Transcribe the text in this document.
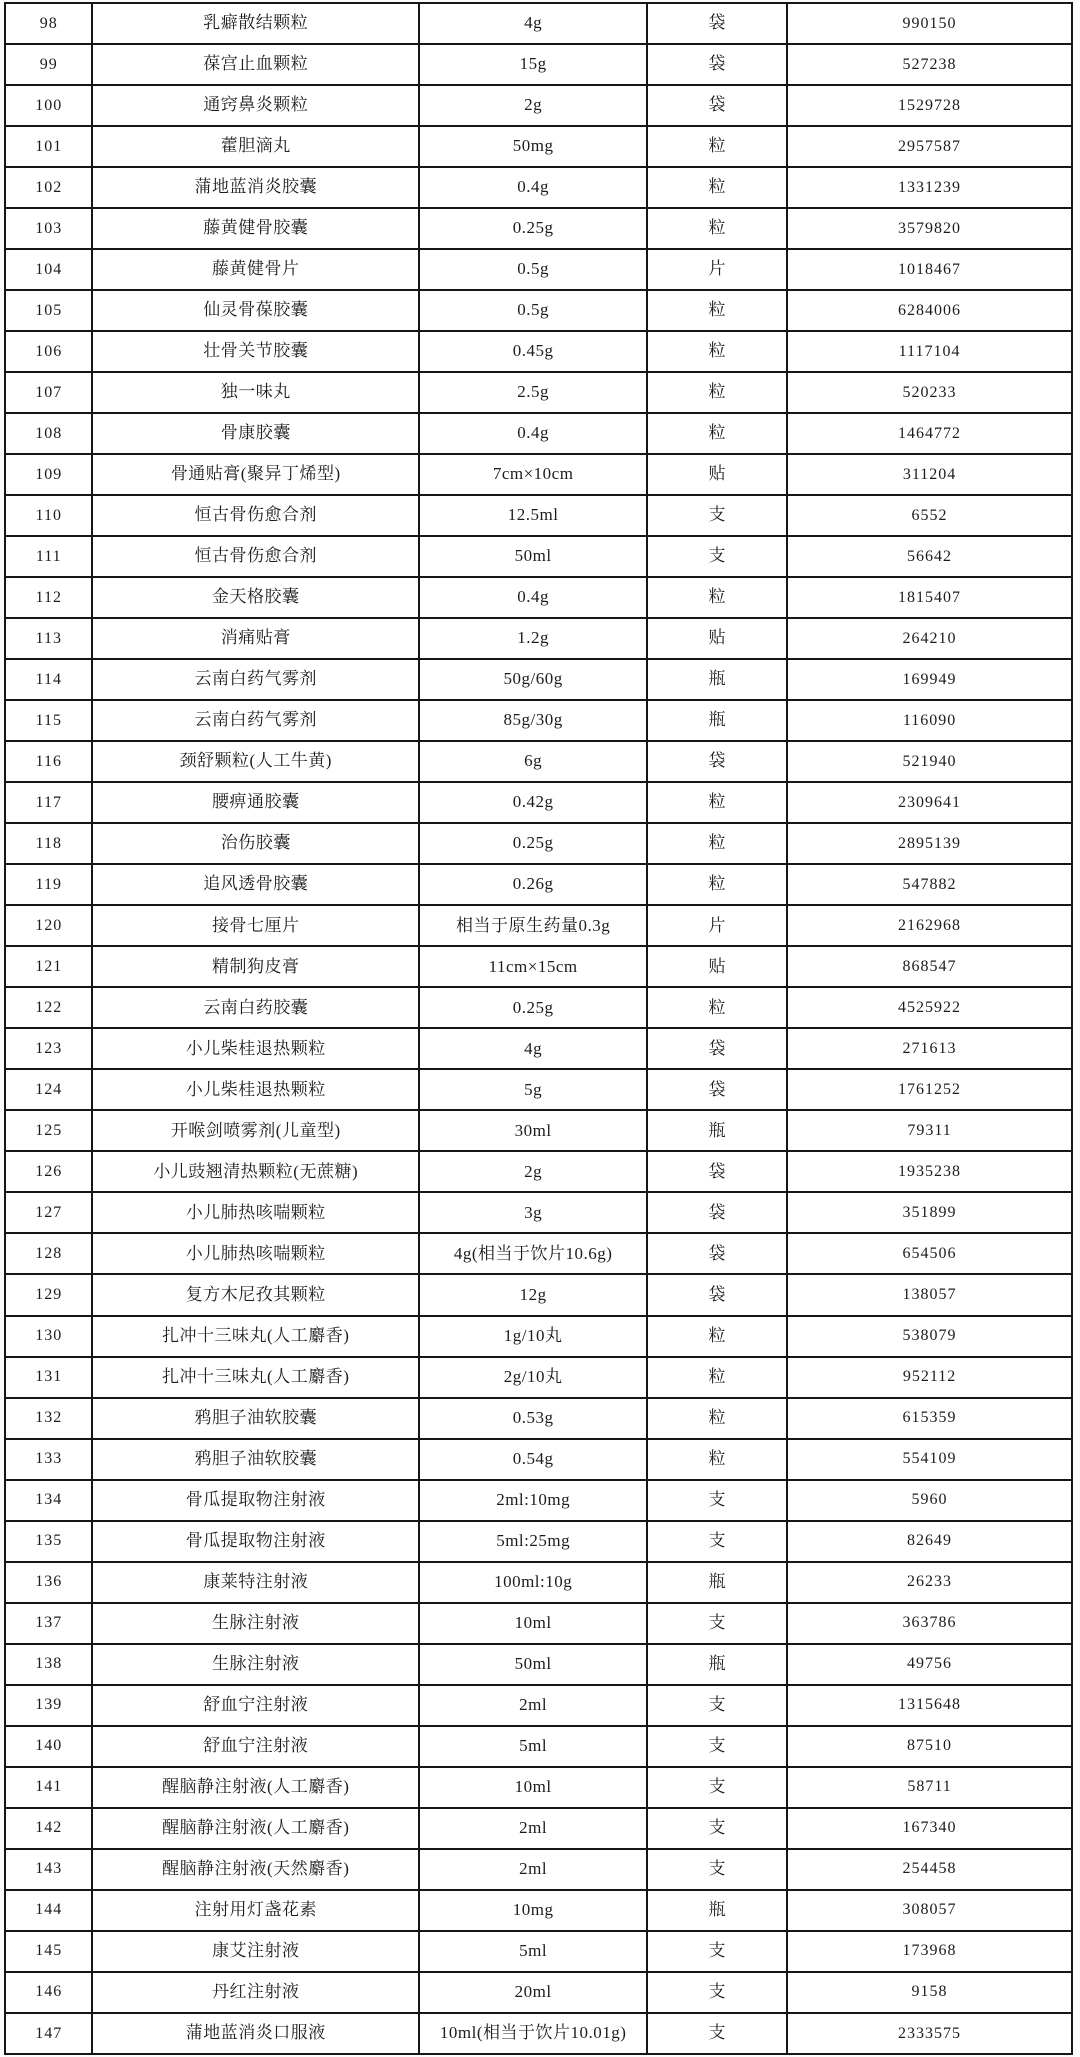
98	乳癖散结颗粒	4g	袋	990150
99	葆宫止血颗粒	15g	袋	527238
100	通窍鼻炎颗粒	2g	袋	1529728
101	藿胆滴丸	50mg	粒	2957587
102	蒲地蓝消炎胶囊	0.4g	粒	1331239
103	藤黄健骨胶囊	0.25g	粒	3579820
104	藤黄健骨片	0.5g	片	1018467
105	仙灵骨葆胶囊	0.5g	粒	6284006
106	壮骨关节胶囊	0.45g	粒	1117104
107	独一味丸	2.5g	粒	520233
108	骨康胶囊	0.4g	粒	1464772
109	骨通贴膏(聚异丁烯型)	7cm×10cm	贴	311204
110	恒古骨伤愈合剂	12.5ml	支	6552
111	恒古骨伤愈合剂	50ml	支	56642
112	金天格胶囊	0.4g	粒	1815407
113	消痛贴膏	1.2g	贴	264210
114	云南白药气雾剂	50g/60g	瓶	169949
115	云南白药气雾剂	85g/30g	瓶	116090
116	颈舒颗粒(人工牛黄)	6g	袋	521940
117	腰痹通胶囊	0.42g	粒	2309641
118	治伤胶囊	0.25g	粒	2895139
119	追风透骨胶囊	0.26g	粒	547882
120	接骨七厘片	相当于原生药量0.3g	片	2162968
121	精制狗皮膏	11cm×15cm	贴	868547
122	云南白药胶囊	0.25g	粒	4525922
123	小儿柴桂退热颗粒	4g	袋	271613
124	小儿柴桂退热颗粒	5g	袋	1761252
125	开喉剑喷雾剂(儿童型)	30ml	瓶	79311
126	小儿豉翘清热颗粒(无蔗糖)	2g	袋	1935238
127	小儿肺热咳喘颗粒	3g	袋	351899
128	小儿肺热咳喘颗粒	4g(相当于饮片10.6g)	袋	654506
129	复方木尼孜其颗粒	12g	袋	138057
130	扎冲十三味丸(人工麝香)	1g/10丸	粒	538079
131	扎冲十三味丸(人工麝香)	2g/10丸	粒	952112
132	鸦胆子油软胶囊	0.53g	粒	615359
133	鸦胆子油软胶囊	0.54g	粒	554109
134	骨瓜提取物注射液	2ml:10mg	支	5960
135	骨瓜提取物注射液	5ml:25mg	支	82649
136	康莱特注射液	100ml:10g	瓶	26233
137	生脉注射液	10ml	支	363786
138	生脉注射液	50ml	瓶	49756
139	舒血宁注射液	2ml	支	1315648
140	舒血宁注射液	5ml	支	87510
141	醒脑静注射液(人工麝香)	10ml	支	58711
142	醒脑静注射液(人工麝香)	2ml	支	167340
143	醒脑静注射液(天然麝香)	2ml	支	254458
144	注射用灯盏花素	10mg	瓶	308057
145	康艾注射液	5ml	支	173968
146	丹红注射液	20ml	支	9158
147	蒲地蓝消炎口服液	10ml(相当于饮片10.01g)	支	2333575
